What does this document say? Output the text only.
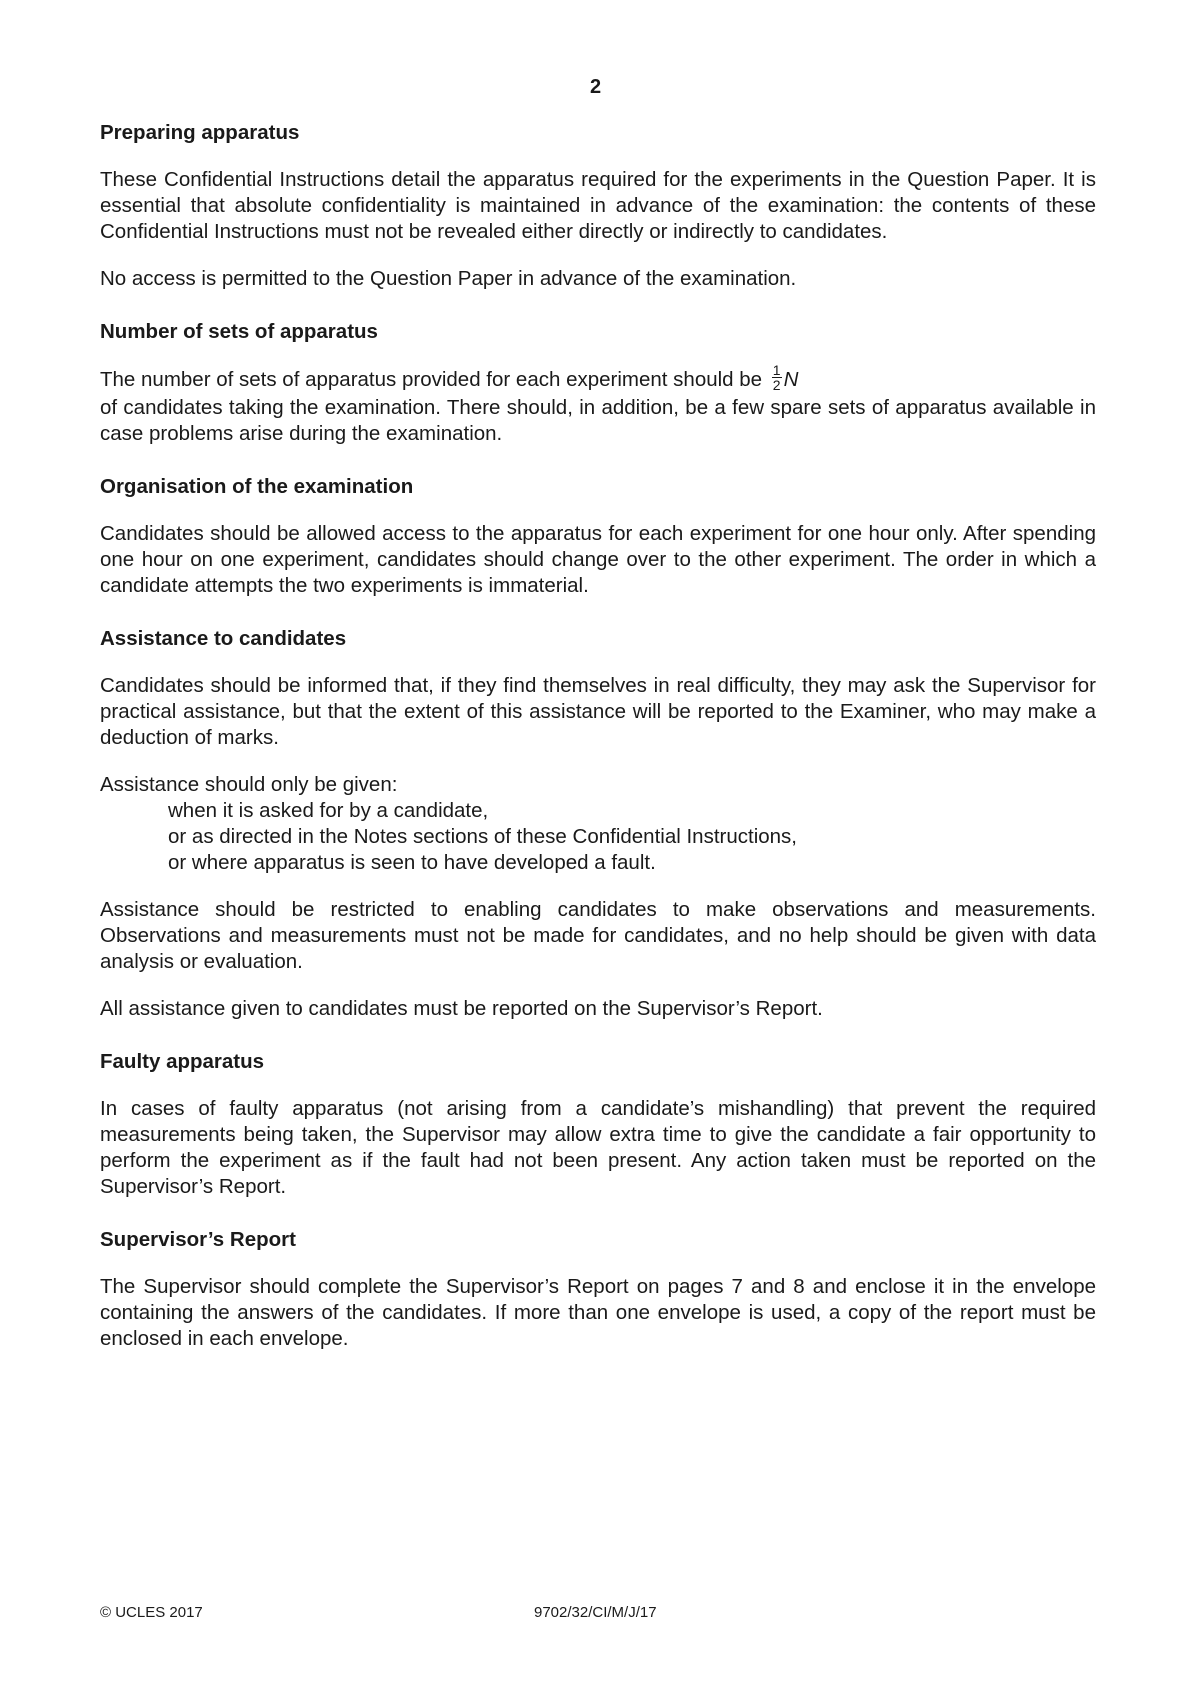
2
Preparing apparatus

These Confidential Instructions detail the apparatus required for the experiments in the Question Paper. It is essential that absolute confidentiality is maintained in advance of the examination: the contents of these Confidential Instructions must not be revealed either directly or indirectly to candidates.

No access is permitted to the Question Paper in advance of the examination.

Number of sets of apparatus

The number of sets of apparatus provided for each experiment should be $\frac{1}{2}$ N

of candidates taking the examination. There should, in addition, be a few spare sets of apparatus available in case problems arise during the examination.

Organisation of the examination

Candidates should be allowed access to the apparatus for each experiment for one hour only. After spending one hour on one experiment, candidates should change over to the other experiment. The order in which a candidate attempts the two experiments is immaterial.

Assistance to candidates

Candidates should be informed that, if they find themselves in real difficulty, they may ask the Supervisor for practical assistance, but that the extent of this assistance will be reported to the Examiner, who may make a deduction of marks.

Assistance should only be given:
when it is asked for by a candidate,
or as directed in the Notes sections of these Confidential Instructions,
or where apparatus is seen to have developed a fault.

Assistance should be restricted to enabling candidates to make observations and measurements. Observations and measurements must not be made for candidates, and no help should be given with data analysis or evaluation.

All assistance given to candidates must be reported on the Supervisor’s Report.

Faulty apparatus

In cases of faulty apparatus (not arising from a candidate’s mishandling) that prevent the required measurements being taken, the Supervisor may allow extra time to give the candidate a fair opportunity to perform the experiment as if the fault had not been present. Any action taken must be reported on the Supervisor’s Report.

Supervisor’s Report

The Supervisor should complete the Supervisor’s Report on pages 7 and 8 and enclose it in the envelope containing the answers of the candidates. If more than one envelope is used, a copy of the report must be enclosed in each envelope.

© UCLES 2017	9702/32/CI/M/J/17
